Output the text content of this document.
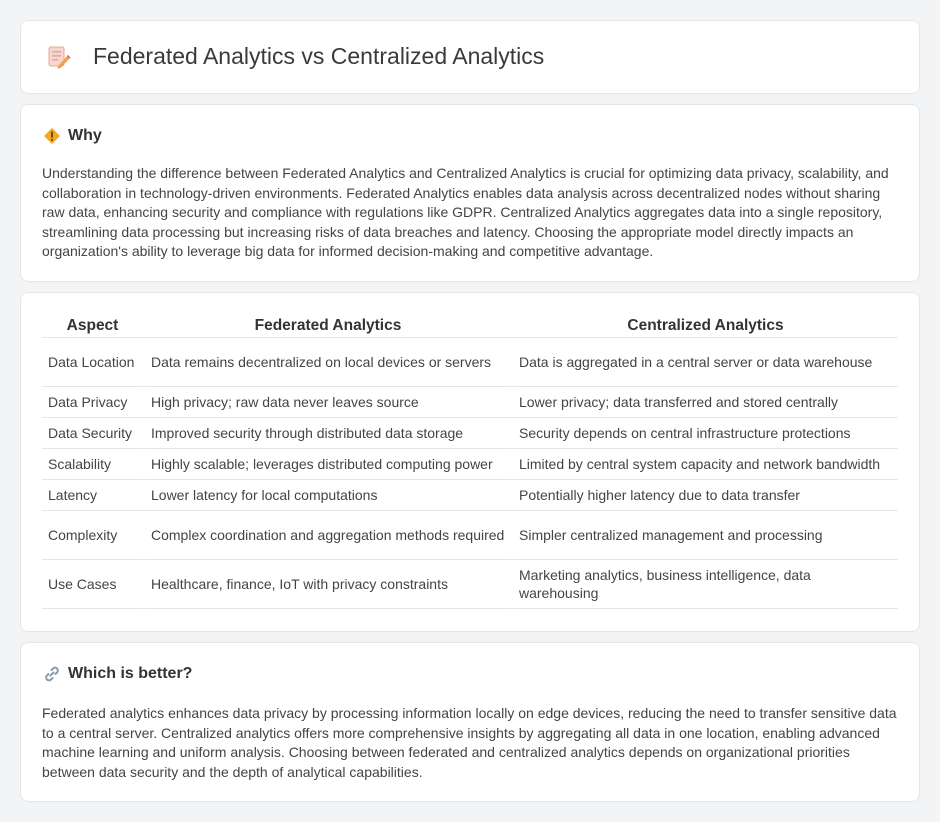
Federated Analytics vs Centralized Analytics
Why

Understanding the difference between Federated Analytics and Centralized Analytics is crucial for optimizing data privacy, scalability, and collaboration in technology-driven environments. Federated Analytics enables data analysis across decentralized nodes without sharing raw data, enhancing security and compliance with regulations like GDPR. Centralized Analytics aggregates data into a single repository, streamlining data processing but increasing risks of data breaches and latency. Choosing the appropriate model directly impacts an organization's ability to leverage big data for informed decision-making and competitive advantage.

Aspect	Federated Analytics	Centralized Analytics
Data Location	Data remains decentralized on local devices or servers	Data is aggregated in a central server or data warehouse
Data Privacy	High privacy; raw data never leaves source	Lower privacy; data transferred and stored centrally
Data Security	Improved security through distributed data storage	Security depends on central infrastructure protections
Scalability	Highly scalable; leverages distributed computing power	Limited by central system capacity and network bandwidth
Latency	Lower latency for local computations	Potentially higher latency due to data transfer
Complexity	Complex coordination and aggregation methods required	Simpler centralized management and processing
Use Cases	Healthcare, finance, IoT with privacy constraints	Marketing analytics, business intelligence, data warehousing
Which is better?

Federated analytics enhances data privacy by processing information locally on edge devices, reducing the need to transfer sensitive data to a central server. Centralized analytics offers more comprehensive insights by aggregating all data in one location, enabling advanced machine learning and uniform analysis. Choosing between federated and centralized analytics depends on organizational priorities between data security and the depth of analytical capabilities.
